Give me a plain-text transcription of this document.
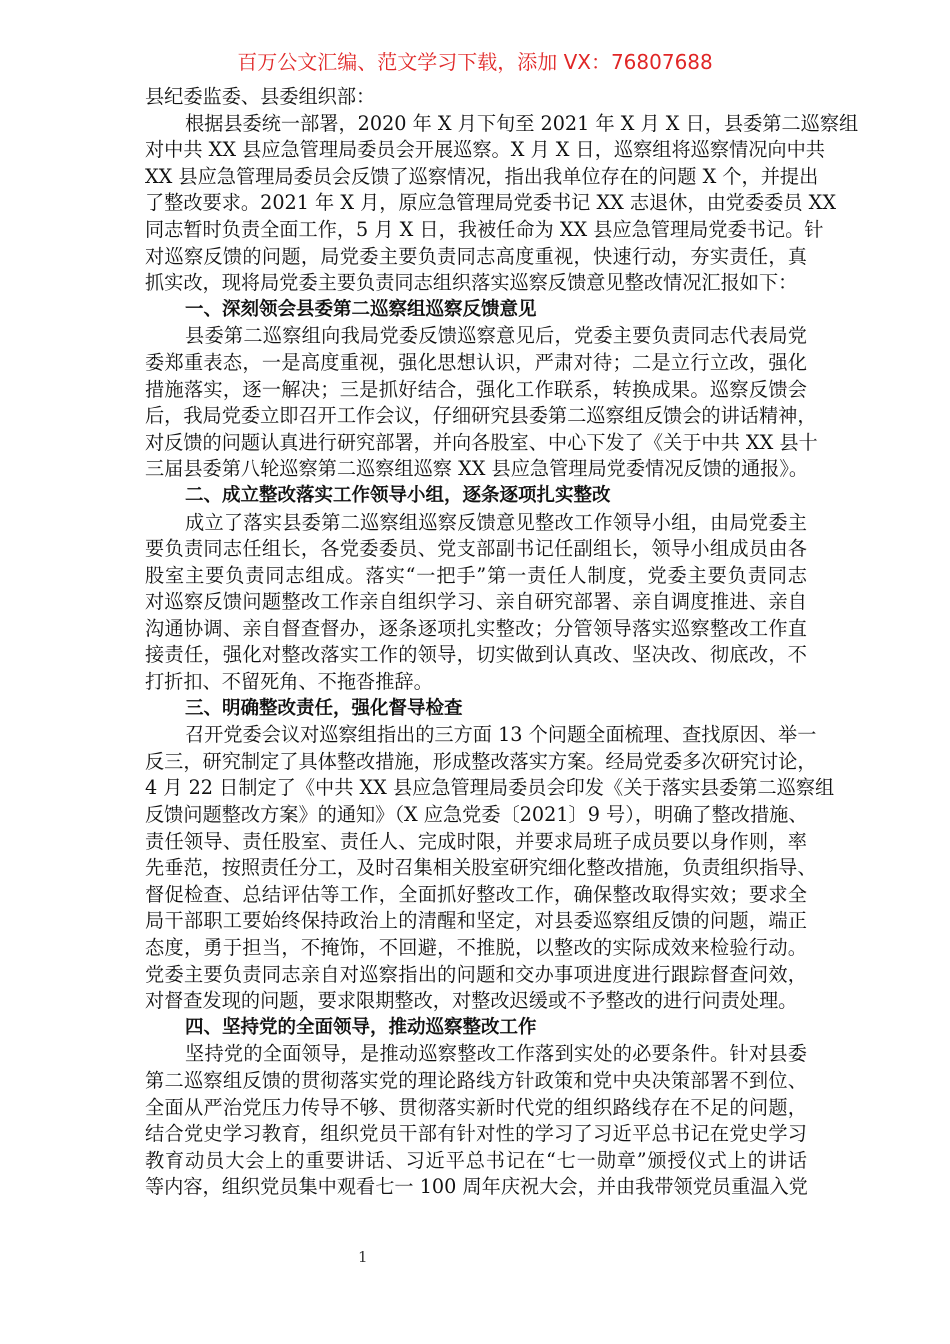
百万公文汇编、范文学习下载，添加 VX：76807688
县纪委监委、县委组织部：
根据县委统一部署，2020 年 X 月下旬至 2021 年 X 月 X 日，县委第二巡察组
对中共 XX 县应急管理局委员会开展巡察。X 月 X 日，巡察组将巡察情况向中共
XX 县应急管理局委员会反馈了巡察情况，指出我单位存在的问题 X 个，并提出
了整改要求。2021 年 X 月，原应急管理局党委书记 XX 志退休，由党委委员 XX
同志暂时负责全面工作，5 月 X 日，我被任命为 XX 县应急管理局党委书记。针
对巡察反馈的问题，局党委主要负责同志高度重视，快速行动，夯实责任，真
抓实改，现将局党委主要负责同志组织落实巡察反馈意见整改情况汇报如下：
一、深刻领会县委第二巡察组巡察反馈意见
县委第二巡察组向我局党委反馈巡察意见后，党委主要负责同志代表局党
委郑重表态，一是高度重视，强化思想认识，严肃对待；二是立行立改，强化
措施落实，逐一解决；三是抓好结合，强化工作联系，转换成果。巡察反馈会
后，我局党委立即召开工作会议，仔细研究县委第二巡察组反馈会的讲话精神，
对反馈的问题认真进行研究部署，并向各股室、中心下发了《关于中共 XX 县十
三届县委第八轮巡察第二巡察组巡察 XX 县应急管理局党委情况反馈的通报》。
二、成立整改落实工作领导小组，逐条逐项扎实整改
成立了落实县委第二巡察组巡察反馈意见整改工作领导小组，由局党委主
要负责同志任组长，各党委委员、党支部副书记任副组长，领导小组成员由各
股室主要负责同志组成。落实“一把手”第一责任人制度，党委主要负责同志
对巡察反馈问题整改工作亲自组织学习、亲自研究部署、亲自调度推进、亲自
沟通协调、亲自督查督办，逐条逐项扎实整改；分管领导落实巡察整改工作直
接责任，强化对整改落实工作的领导，切实做到认真改、坚决改、彻底改，不
打折扣、不留死角、不拖沓推辞。
三、明确整改责任，强化督导检查
召开党委会议对巡察组指出的三方面 13 个问题全面梳理、查找原因、举一
反三，研究制定了具体整改措施，形成整改落实方案。经局党委多次研究讨论，
4 月 22 日制定了《中共 XX 县应急管理局委员会印发《关于落实县委第二巡察组
反馈问题整改方案》的通知》（X 应急党委〔2021〕9 号），明确了整改措施、
责任领导、责任股室、责任人、完成时限，并要求局班子成员要以身作则，率
先垂范，按照责任分工，及时召集相关股室研究细化整改措施，负责组织指导、
督促检查、总结评估等工作，全面抓好整改工作，确保整改取得实效；要求全
局干部职工要始终保持政治上的清醒和坚定，对县委巡察组反馈的问题，端正
态度，勇于担当，不掩饰，不回避，不推脱，以整改的实际成效来检验行动。
党委主要负责同志亲自对巡察指出的问题和交办事项进度进行跟踪督查问效，
对督查发现的问题，要求限期整改，对整改迟缓或不予整改的进行问责处理。
四、坚持党的全面领导，推动巡察整改工作
坚持党的全面领导，是推动巡察整改工作落到实处的必要条件。针对县委
第二巡察组反馈的贯彻落实党的理论路线方针政策和党中央决策部署不到位、
全面从严治党压力传导不够、贯彻落实新时代党的组织路线存在不足的问题，
结合党史学习教育，组织党员干部有针对性的学习了习近平总书记在党史学习
教育动员大会上的重要讲话、习近平总书记在“七一勋章”颁授仪式上的讲话
等内容，组织党员集中观看七一 100 周年庆祝大会，并由我带领党员重温入党
1
